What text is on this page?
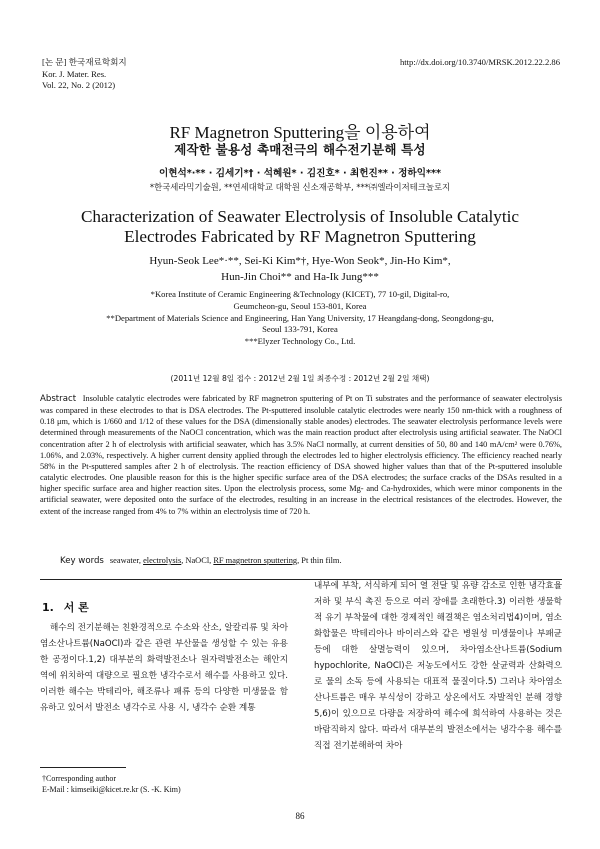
[논 문] 한국재료학회지
Kor. J. Mater. Res.
Vol. 22, No. 2 (2012)
http://dx.doi.org/10.3740/MRSK.2012.22.2.86
RF Magnetron Sputtering을 이용하여
제작한 불용성 촉매전극의 해수전기분해 특성
이현석*·** · 김세기*† · 석혜원* · 김진호* · 최헌진** · 정하익***
*한국세라믹기술원, **연세대학교 대학원 신소재공학부, ***㈜엘라이저테크놀로지
Characterization of Seawater Electrolysis of Insoluble Catalytic
Electrodes Fabricated by RF Magnetron Sputtering
Hyun-Seok Lee*·**, Sei-Ki Kim*†, Hye-Won Seok*, Jin-Ho Kim*,
Hun-Jin Choi** and Ha-Ik Jung***
*Korea Institute of Ceramic Engineering &Technology (KICET), 77 10-gil, Digital-ro,
Geumcheon-gu, Seoul 153-801, Korea
**Department of Materials Science and Engineering, Han Yang University, 17 Heangdang-dong, Seongdong-gu,
Seoul 133-791, Korea
***Elyzer Technology Co., Ltd.
(2011년 12월 8일 접수 : 2012년 2월 1일 최종수정 : 2012년 2월 2일 채택)
Abstract Insoluble catalytic electrodes were fabricated by RF magnetron sputtering of Pt on Ti substrates and the performance of seawater electrolysis was compared in these electrodes to that is DSA electrodes. The Pt-sputtered insoluble catalytic electrodes were nearly 150 nm-thick with a roughness of 0.18 μm, which is 1/660 and 1/12 of these values for the DSA (dimensionally stable anodes) electrodes. The seawater electrolysis performance levels were determined through measurements of the NaOCl concentration, which was the main reaction product after electrolysis using artificial seawater. The NaOCl concentration after 2 h of electrolysis with artificial seawater, which has 3.5% NaCl normally, at current densities of 50, 80 and 140 mA/cm² were 0.76%, 1.06%, and 2.03%, respectively. A higher current density applied through the electrodes led to higher electrolysis efficiency. The efficiency reached nearly 58% in the Pt-sputtered samples after 2 h of electrolysis. The reaction efficiency of DSA showed higher values than that of the Pt-sputtered insoluble catalytic electrodes. One plausible reason for this is the higher specific surface area of the DSA electrodes; the surface cracks of the DSAs resulted in a higher specific surface area and higher reaction sites. Upon the electrolysis process, some Mg- and Ca-hydroxides, which were minor components in the artificial seawater, were deposited onto the surface of the electrodes, resulting in an increase in the electrical resistances of the electrodes. However, the extent of the increase ranged from 4% to 7% within an electrolysis time of 720 h.
Key words seawater, electrolysis, NaOCl, RF magnetron sputtering, Pt thin film.
1. 서 론

해수의 전기분해는 친환경적으로 수소와 산소, 알칼리류 및 차아염소산나트륨(NaOCl)과 같은 관련 부산물을 생성할 수 있는 유용한 공정이다.1,2) 대부분의 화력발전소나 원자력발전소는 해안지역에 위치하여 대량으로 필요한 냉각수로서 해수를 사용하고 있다. 이러한 해수는 박테리아, 해조류나 패류 등의 다양한 미생물을 함유하고 있어서 발전소 냉각수로 사용 시, 냉각수 순환 계통

내부에 부착, 서식하게 되어 열 전달 및 유량 감소로 인한 냉각효율 저하 및 부식 촉진 등으로 여러 장애를 초래한다.3) 이러한 생물학적 유기 부착물에 대한 경제적인 해결책은 염소처리법4)이며, 염소화합물은 박테리아나 바이러스와 같은 병원성 미생물이나 부패균 등에 대한 살멸능력이 있으며, 차아염소산나트륨(Sodium hypochlorite, NaOCl)은 저농도에서도 강한 살균력과 산화력으로 물의 소독 등에 사용되는 대표적 물질이다.5) 그러나 차아염소산나트륨은 매우 부식성이 강하고 상온에서도 자발적인 분해 경향5,6)이 있으므로 다량을 저장하여 해수에 희석하여 사용하는 것은 바람직하지 않다. 따라서 대부분의 발전소에서는 냉각수용 해수를 직접 전기분해하여 차아

†Corresponding author
E-Mail : kimseiki@kicet.re.kr (S. -K. Kim)
86
